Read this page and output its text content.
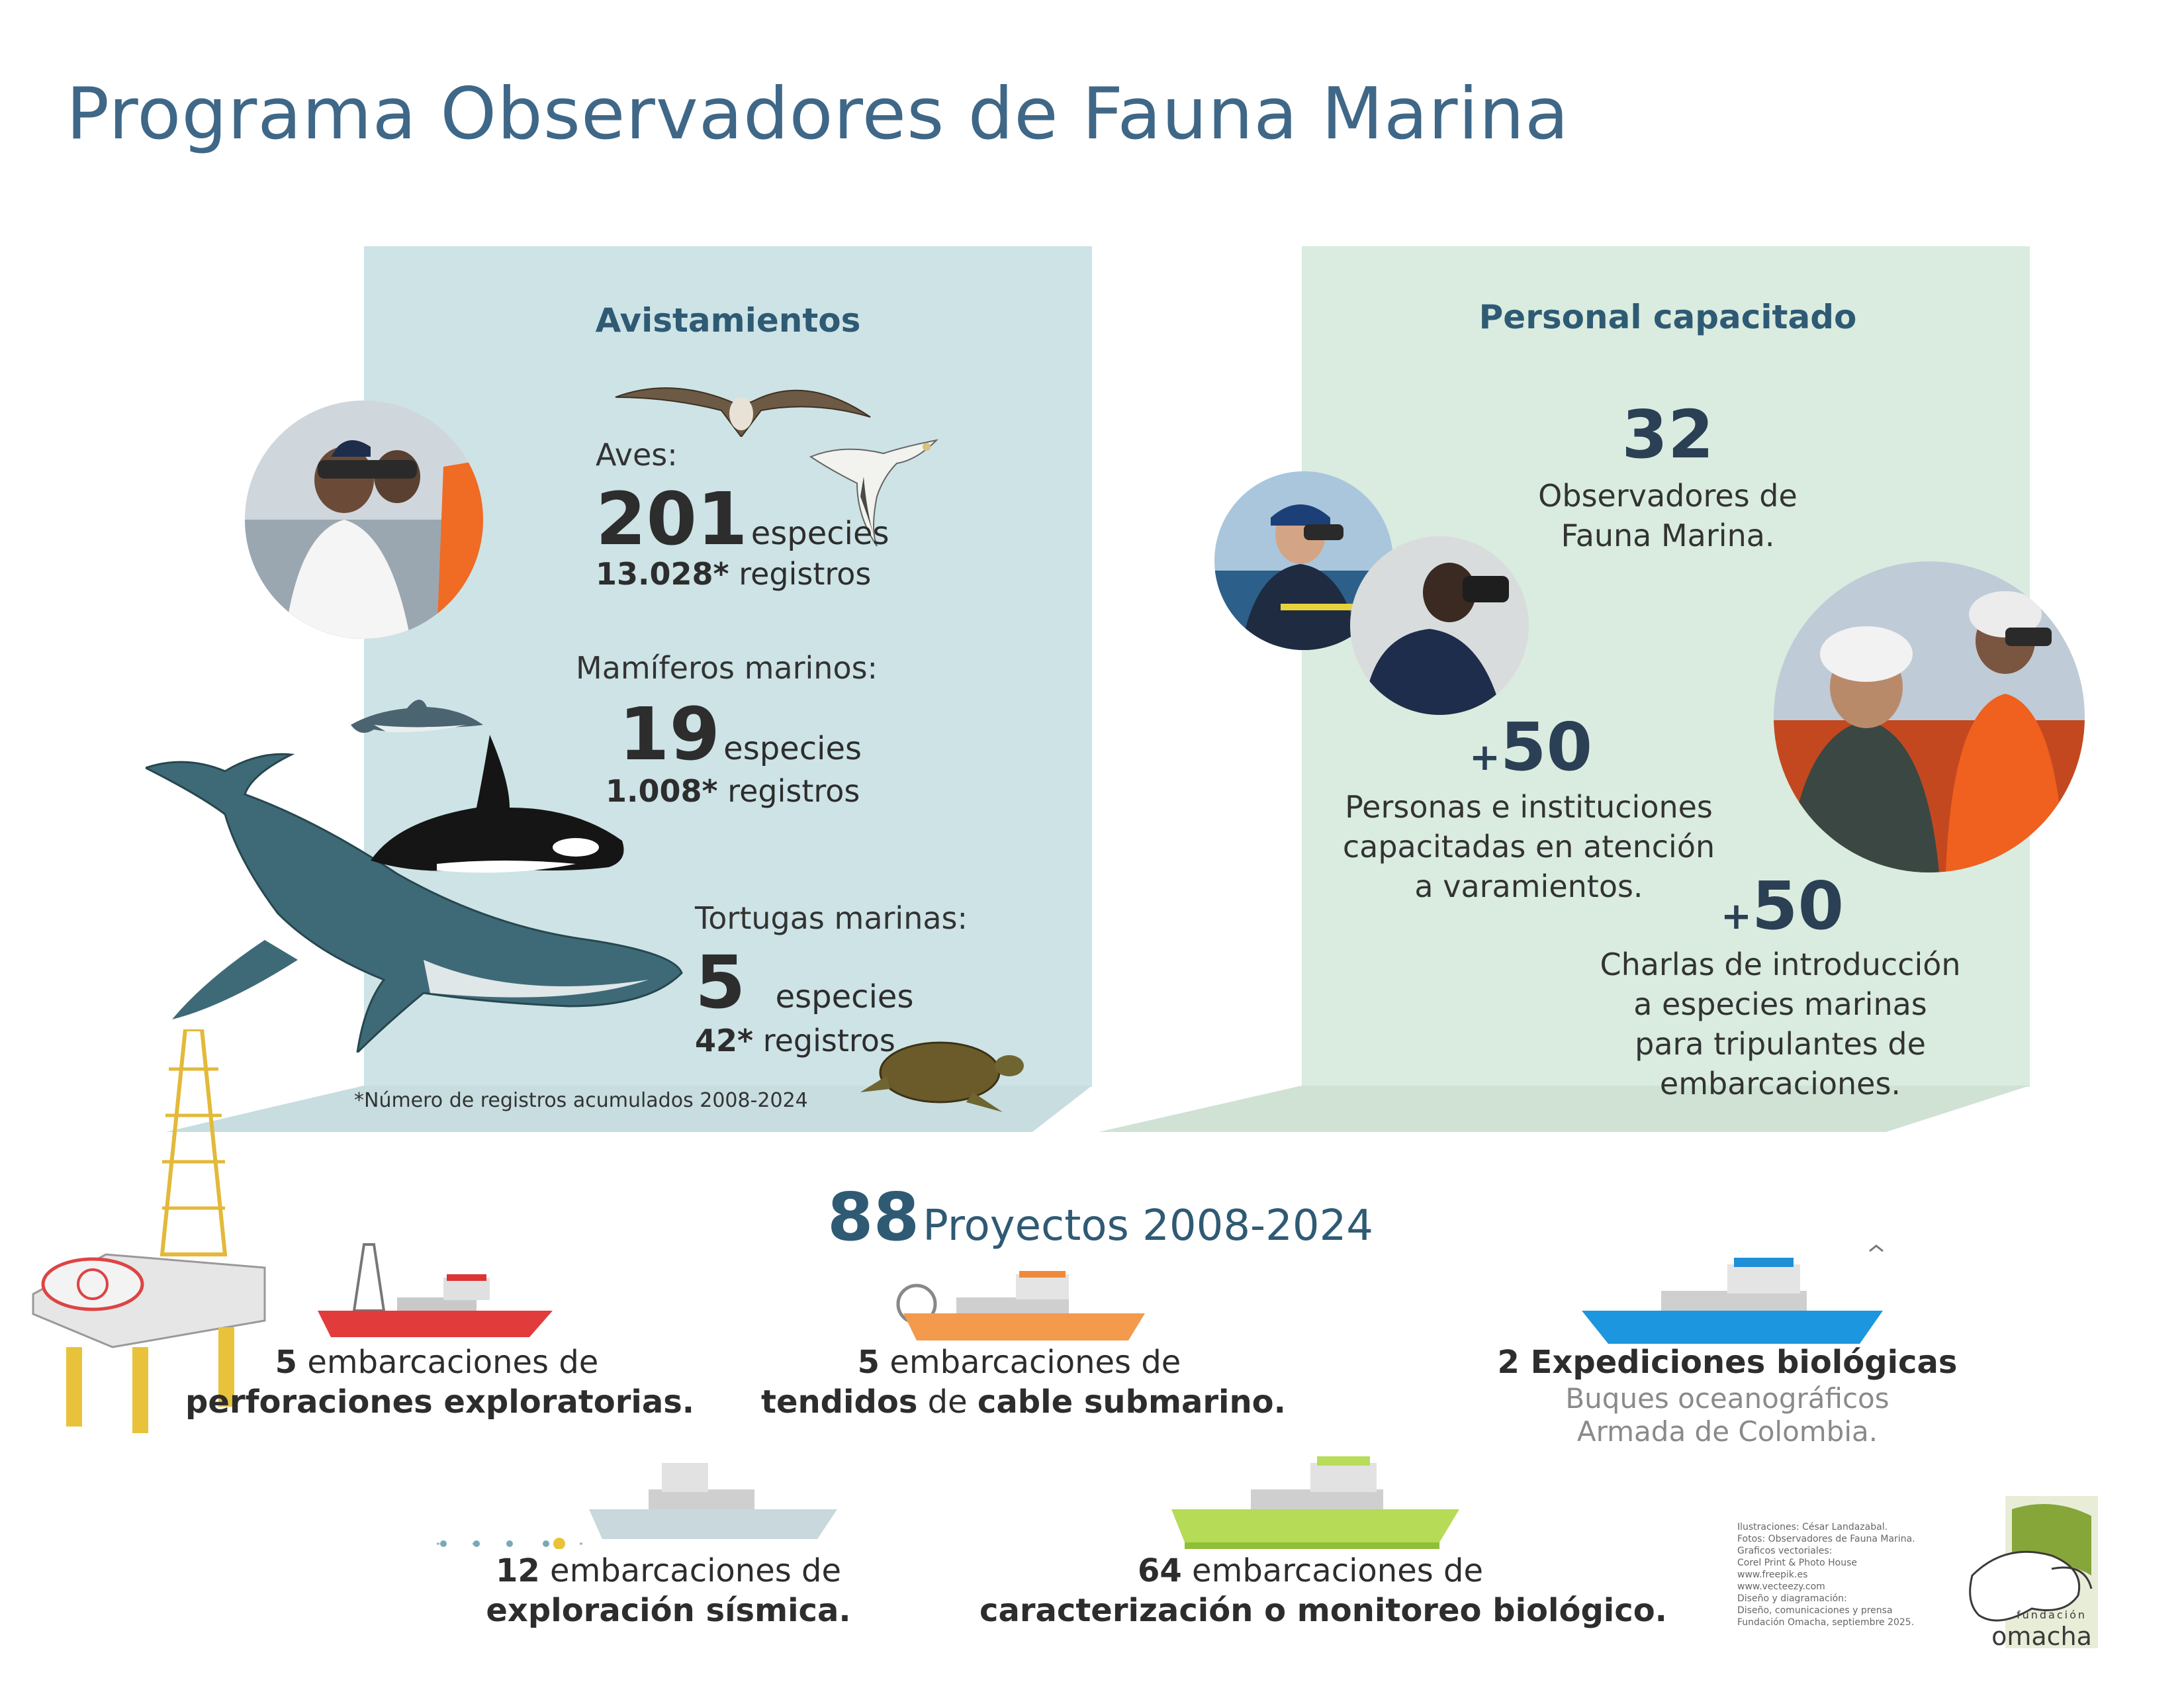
Programa Observadores de Fauna Marina
Avistamientos
Aves:
201 especies
13.028* registros
Mamíferos marinos:
19 especies
1.008* registros
Tortugas marinas:
5 especies
42* registros
*Número de registros acumulados 2008-2024
Personal capacitado
32
Observadores de
Fauna Marina.
+50
Personas e instituciones
capacitadas en atención
a varamientos.
+50
Charlas de introducción
a especies marinas
para tripulantes de
embarcaciones.
88 Proyectos 2008-2024
5 embarcaciones de
perforaciones exploratorias.
5 embarcaciones de
tendidos de cable submarino.
2 Expediciones biológicas
Buques oceanográficos
Armada de Colombia.
12 embarcaciones de
exploración sísmica.
64 embarcaciones de
caracterización o monitoreo biológico.
Ilustraciones: César Landazabal.
Fotos: Observadores de Fauna Marina.
Graficos vectoriales:
Corel Print & Photo House
www.freepik.es
www.vecteezy.com
Diseño y diagramación:
Diseño, comunicaciones y prensa
Fundación Omacha, septiembre 2025.
fundación
omacha
